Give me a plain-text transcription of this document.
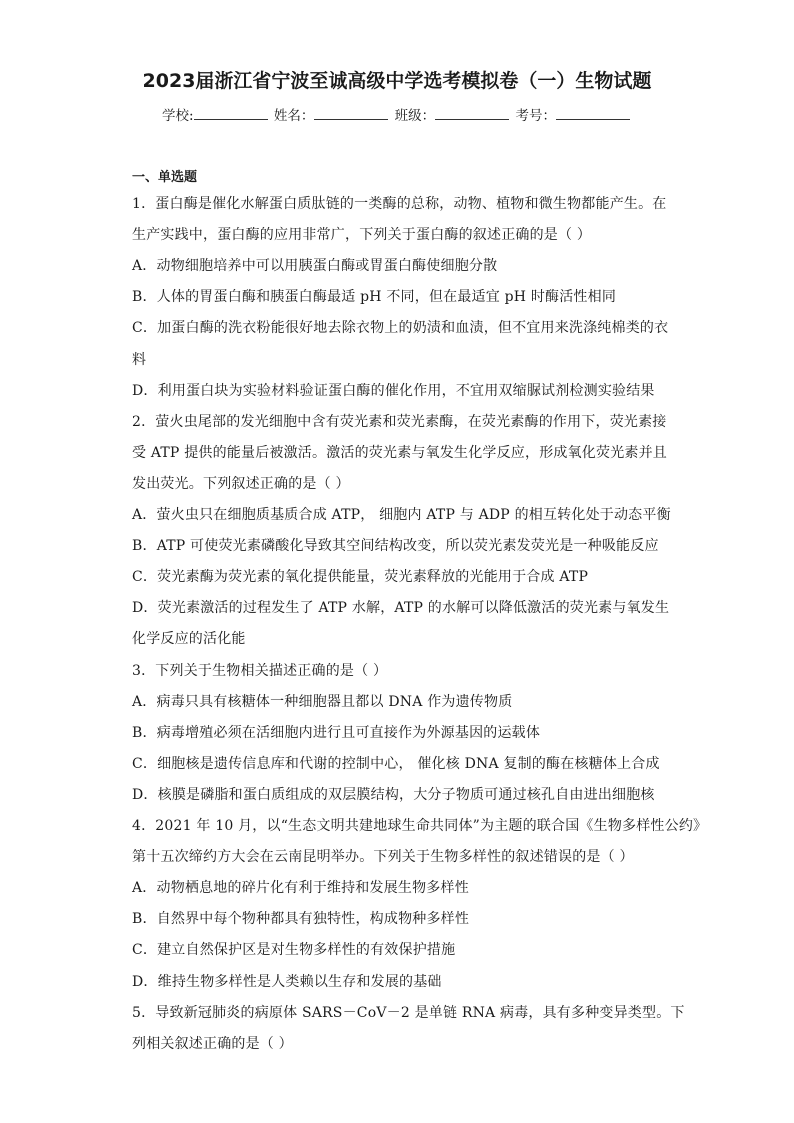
2023届浙江省宁波至诚高级中学选考模拟卷（一）生物试题
学校:	姓名：	班级：	考号：
一、单选题
1．蛋白酶是催化水解蛋白质肽链的一类酶的总称，动物、植物和微生物都能产生。在
生产实践中，蛋白酶的应用非常广，下列关于蛋白酶的叙述正确的是（ ）
A．动物细胞培养中可以用胰蛋白酶或胃蛋白酶使细胞分散
B．人体的胃蛋白酶和胰蛋白酶最适 pH 不同，但在最适宜 pH 时酶活性相同
C．加蛋白酶的洗衣粉能很好地去除衣物上的奶渍和血渍，但不宜用来洗涤纯棉类的衣
料
D．利用蛋白块为实验材料验证蛋白酶的催化作用，不宜用双缩脲试剂检测实验结果
2．萤火虫尾部的发光细胞中含有荧光素和荧光素酶，在荧光素酶的作用下，荧光素接
受 ATP 提供的能量后被激活。激活的荧光素与氧发生化学反应，形成氧化荧光素并且
发出荧光。下列叙述正确的是（ ）
A．萤火虫只在细胞质基质合成 ATP， 细胞内 ATP 与 ADP 的相互转化处于动态平衡
B．ATP 可使荧光素磷酸化导致其空间结构改变，所以荧光素发荧光是一种吸能反应
C．荧光素酶为荧光素的氧化提供能量，荧光素释放的光能用于合成 ATP
D．荧光素激活的过程发生了 ATP 水解，ATP 的水解可以降低激活的荧光素与氧发生
化学反应的活化能
3．下列关于生物相关描述正确的是（ ）
A．病毒只具有核糖体一种细胞器且都以 DNA 作为遗传物质
B．病毒增殖必须在活细胞内进行且可直接作为外源基因的运载体
C．细胞核是遗传信息库和代谢的控制中心， 催化核 DNA 复制的酶在核糖体上合成
D．核膜是磷脂和蛋白质组成的双层膜结构，大分子物质可通过核孔自由进出细胞核
4．2021 年 10 月，以“生态文明共建地球生命共同体”为主题的联合国《生物多样性公约》
第十五次缔约方大会在云南昆明举办。下列关于生物多样性的叙述错误的是（ ）
A．动物栖息地的碎片化有利于维持和发展生物多样性
B．自然界中每个物种都具有独特性，构成物种多样性
C．建立自然保护区是对生物多样性的有效保护措施
D．维持生物多样性是人类赖以生存和发展的基础
5．导致新冠肺炎的病原体 SARS－CoV－2 是单链 RNA 病毒，具有多种变异类型。下
列相关叙述正确的是（ ）
